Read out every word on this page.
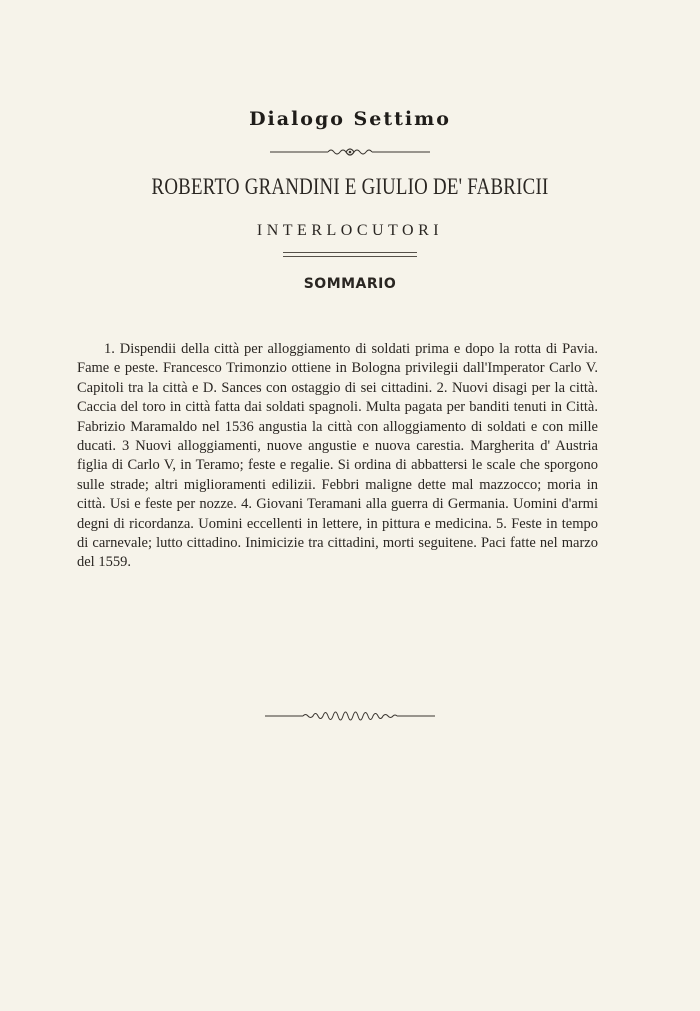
Dialogo Settimo
ROBERTO GRANDINI E GIULIO DE' FABRICII
INTERLOCUTORI
SOMMARIO

1. Dispendii della città per alloggiamento di soldati prima e dopo la rotta di Pavia. Fame e peste. Francesco Trimonzio ottiene in Bologna privilegii dall'Imperator Carlo V. Capitoli tra la città e D. Sances con ostaggio di sei cittadini. 2. Nuovi disagi per la città. Caccia del toro in città fatta dai soldati spagnoli. Multa pagata per banditi tenuti in Città. Fabrizio Maramaldo nel 1536 angustia la città con alloggiamento di soldati e con mille ducati. 3 Nuovi alloggiamenti, nuove angustie e nuova carestia. Margherita d' Austria figlia di Carlo V, in Teramo; feste e regalie. Si ordina di abbattersi le scale che sporgono sulle strade; altri miglioramenti edilizii. Febbri maligne dette mal mazzocco; moria in città. Usi e feste per nozze. 4. Giovani Teramani alla guerra di Germania. Uomini d'armi degni di ricordanza. Uomini eccellenti in lettere, in pittura e medicina. 5. Feste in tempo di carnevale; lutto cittadino. Inimicizie tra cittadini, morti seguitene. Paci fatte nel marzo del 1559.
